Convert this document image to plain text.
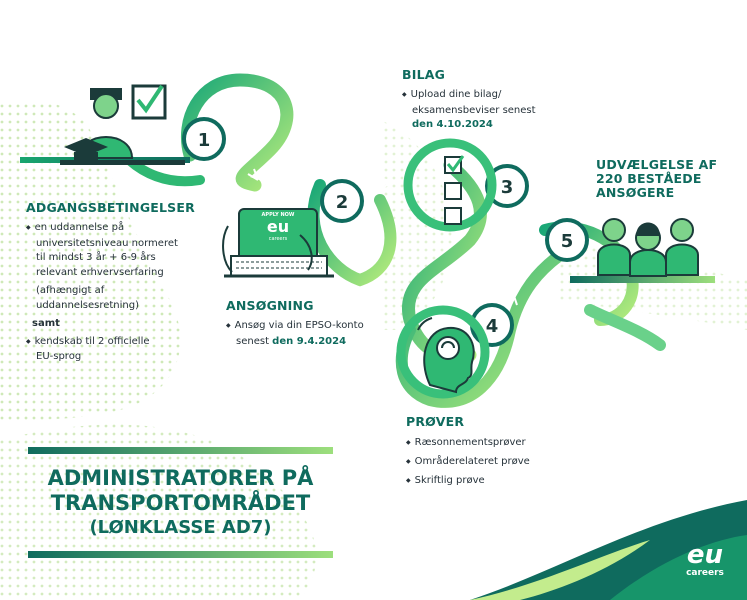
1
2
3
4
5
APPLY NOW
eu
careers
ADGANGSBETINGELSER
◆ en uddannelse på
universitetsniveau normeret
til mindst 3 år + 6-9 års
relevant erhvervserfaring
(afhængigt af
uddannelsesretning)
samt
◆ kendskab til 2 officielle
EU-sprog
ANSØGNING
◆ Ansøg via din EPSO-konto
senest den 9.4.2024
BILAG
◆ Upload dine bilag/
eksamensbeviser senest
den 4.10.2024
PRØVER
◆ Ræsonnementsprøver
◆ Områderelateret prøve
◆ Skriftlig prøve
UDVÆLGELSE AF
220 BESTÅEDE
ANSØGERE
ADMINISTRATORER PÅ
TRANSPORTOMRÅDET
(LØNKLASSE AD7)
eu
careers
